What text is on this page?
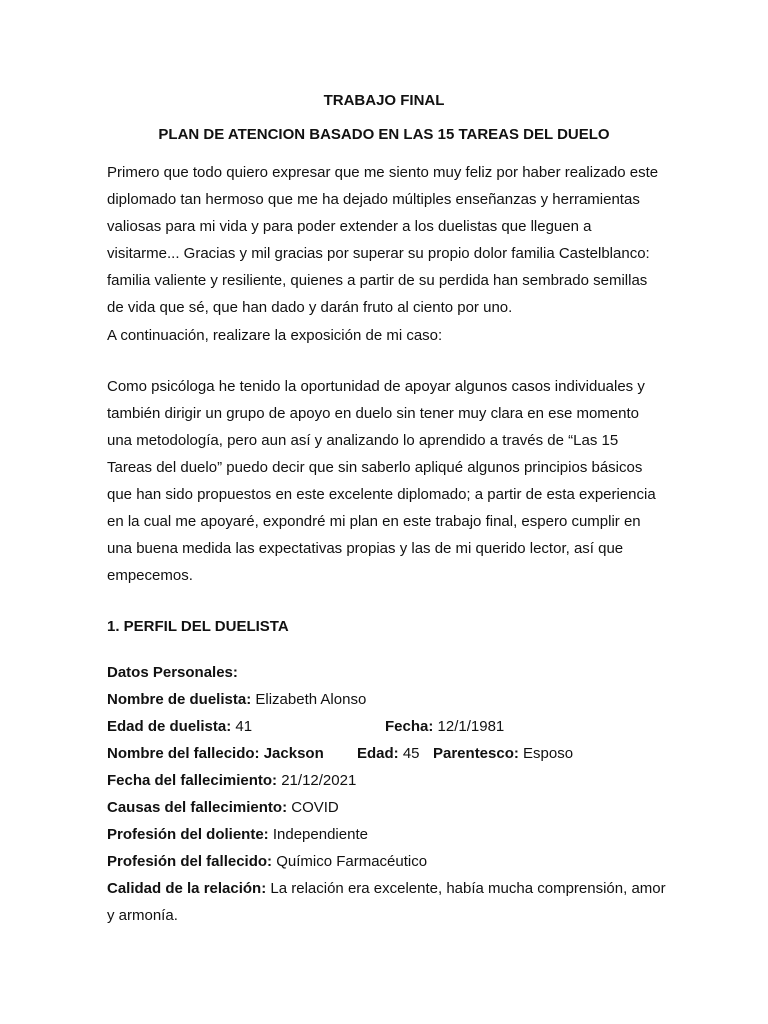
TRABAJO FINAL

PLAN DE ATENCION BASADO EN LAS 15 TAREAS DEL DUELO

Primero que todo quiero expresar que me siento muy feliz por haber realizado este diplomado tan hermoso que me ha dejado múltiples enseñanzas y herramientas valiosas para mi vida y para poder extender a los duelistas que lleguen a visitarme... Gracias y mil gracias por superar su propio dolor familia Castelblanco: familia valiente y resiliente, quienes a partir de su perdida han sembrado semillas de vida que sé, que han dado y darán fruto al ciento por uno.

A continuación, realizare la exposición de mi caso:

Como psicóloga he tenido la oportunidad de apoyar algunos casos individuales y también dirigir un grupo de apoyo en duelo sin tener muy clara en ese momento una metodología, pero aun así y analizando lo aprendido a través de “Las 15 Tareas del duelo” puedo decir que sin saberlo apliqué algunos principios básicos que han sido propuestos en este excelente diplomado; a partir de esta experiencia en la cual me apoyaré, expondré mi plan en este trabajo final, espero cumplir en una buena medida las expectativas propias y las de mi querido lector, así que empecemos.

1. PERFIL DEL DUELISTA

Datos Personales:
Nombre de duelista: Elizabeth Alonso
Edad de duelista: 41	Fecha: 12/1/1981
Nombre del fallecido: Jackson Edad: 45 Parentesco: Esposo
Fecha del fallecimiento: 21/12/2021
Causas del fallecimiento: COVID
Profesión del doliente: Independiente
Profesión del fallecido: Químico Farmacéutico
Calidad de la relación: La relación era excelente, había mucha comprensión, amor y armonía.
